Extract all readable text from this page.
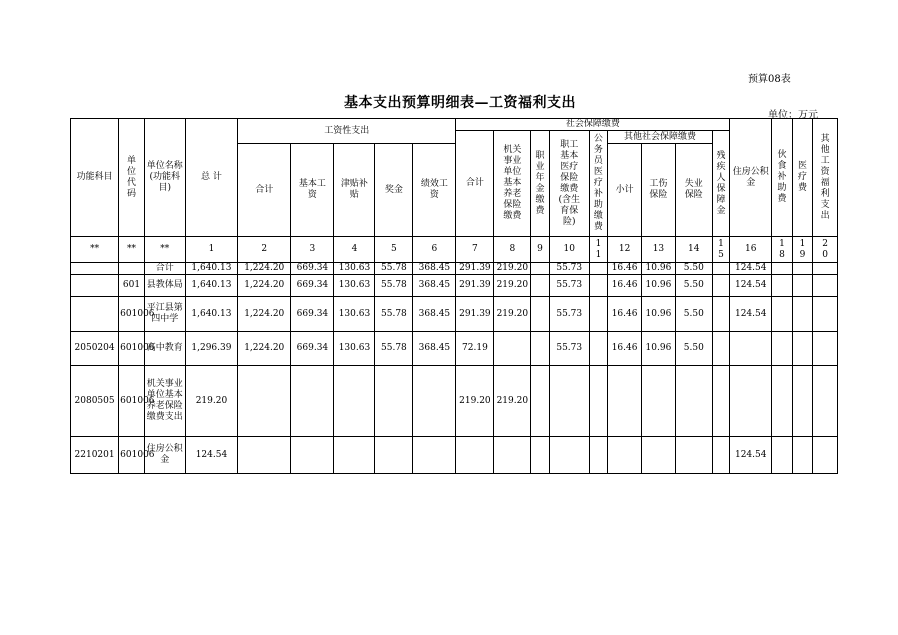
预算08表
基本支出预算明细表—工资福利支出
单位：万元
功能科目	单位代码	单位名称(功能科目)	总 计	工资性支出					社会保障缴费									住房公积金	伙食补助费	医疗费	其他工资福利支出

									合计	机关事业单位基本养老保险缴费	职业年金缴费	职工基本医疗保险缴费(含生育保险)	公务员医疗补助缴费	其他社会保障缴费			残疾人保障金				

				合计	基本工资	津贴补贴	奖金	绩效工资						小计	工伤保险	失业保险					

**	**	**	1	2	3	4	5	6	7	8	9	10	11	12	13	14	15	16	18	19	20

		合计	1,640.13	1,224.20	669.34	130.63	55.78	368.45	291.39	219.20		55.73		16.46	10.96	5.50		124.54			
	601	县教体局	1,640.13	1,224.20	669.34	130.63	55.78	368.45	291.39	219.20		55.73		16.46	10.96	5.50		124.54			
	601006	平江县第四中学	1,640.13	1,224.20	669.34	130.63	55.78	368.45	291.39	219.20		55.73		16.46	10.96	5.50		124.54			
2050204	601006	高中教育	1,296.39	1,224.20	669.34	130.63	55.78	368.45	72.19			55.73		16.46	10.96	5.50					
2080505	601006	机关事业单位基本养老保险缴费支出	219.20						219.20	219.20											
2210201	601006	住房公积金	124.54															124.54			
